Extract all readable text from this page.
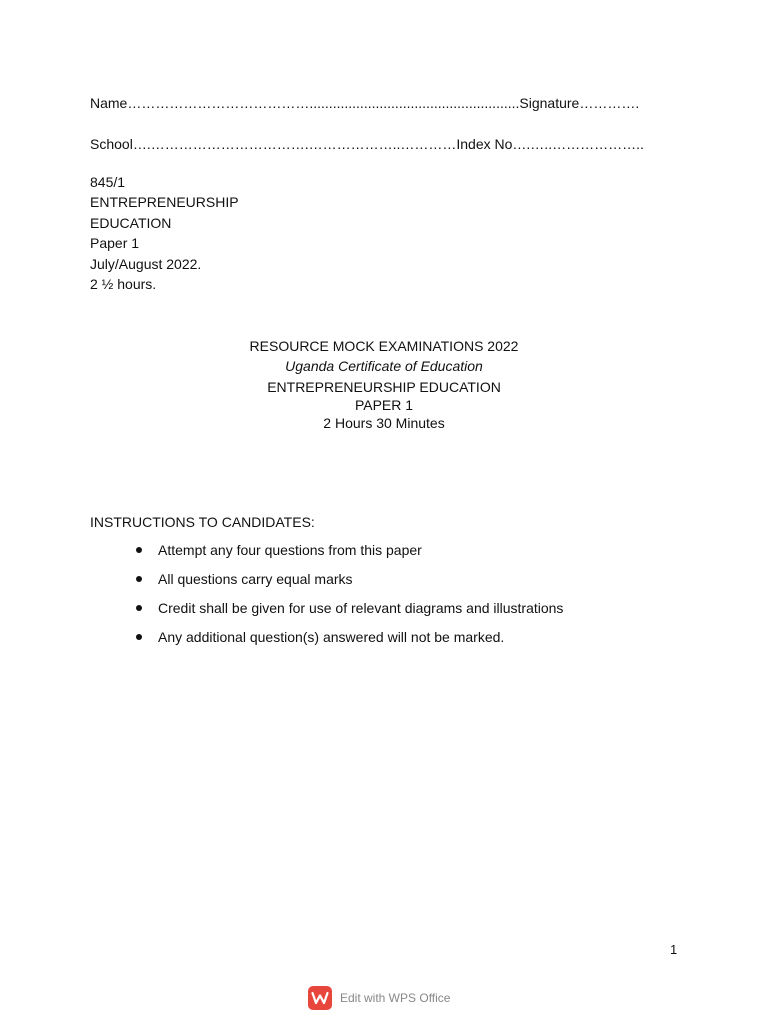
Name…………………………………......................................................Signature………….
School….…………………………….………………..…………Index No….…..………………..
845/1
ENTREPRENEURSHIP
EDUCATION
Paper 1
July/August 2022.
2 ½ hours.
RESOURCE MOCK EXAMINATIONS 2022
Uganda Certificate of Education
ENTREPRENEURSHIP EDUCATION
PAPER 1
2 Hours 30 Minutes
INSTRUCTIONS TO CANDIDATES:
Attempt any four questions from this paper
All questions carry equal marks
Credit shall be given for use of relevant diagrams and illustrations
Any additional question(s) answered will not be marked.
1
Edit with WPS Office
